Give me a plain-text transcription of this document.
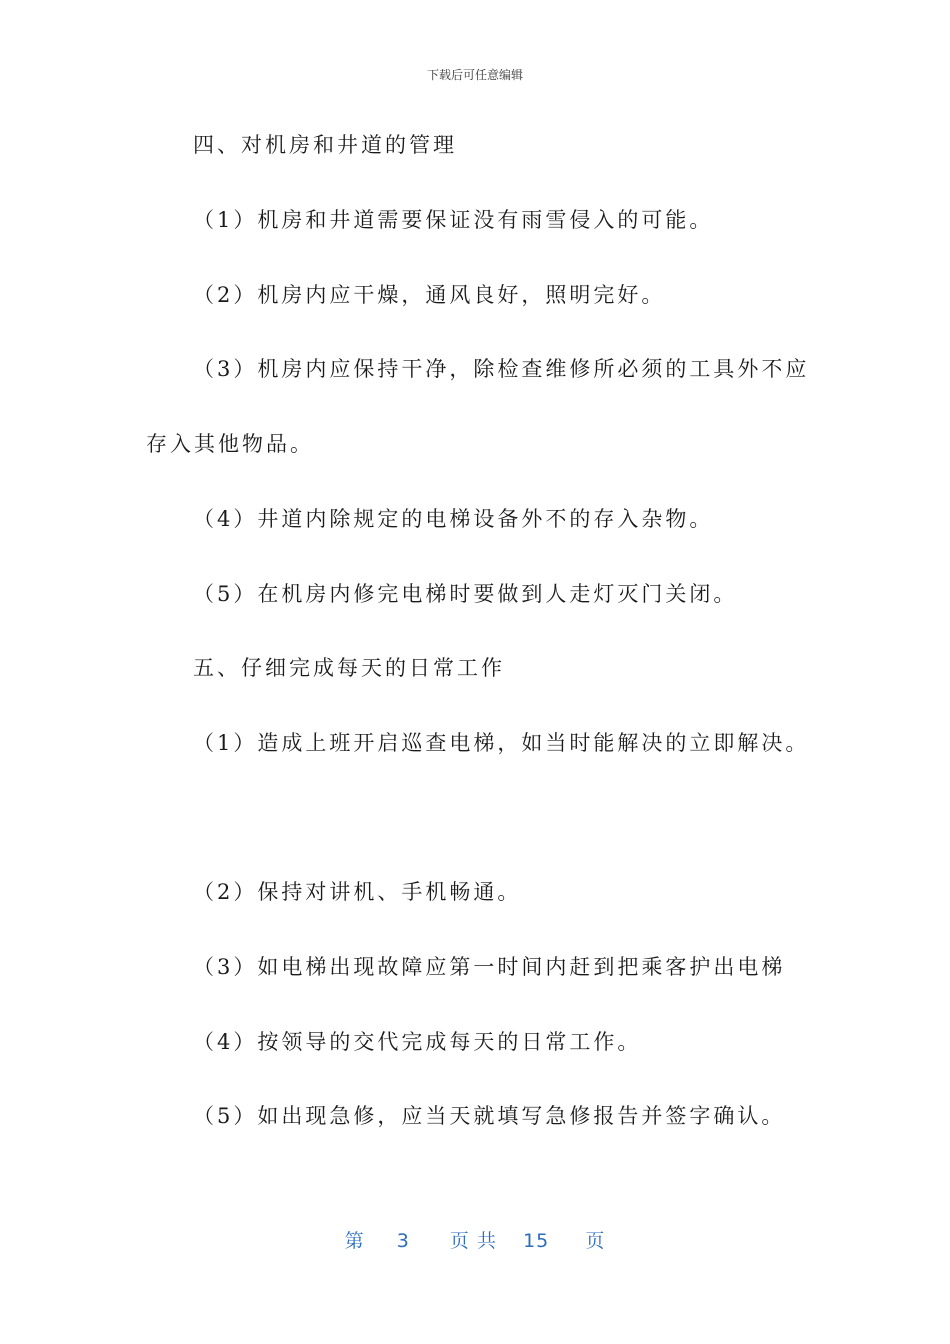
下载后可任意编辑
四、对机房和井道的管理
（1）机房和井道需要保证没有雨雪侵入的可能。
（2）机房内应干燥，通风良好，照明完好。
（3）机房内应保持干净，除检查维修所必须的工具外不应
存入其他物品。
（4）井道内除规定的电梯设备外不的存入杂物。
（5）在机房内修完电梯时要做到人走灯灭门关闭。
五、仔细完成每天的日常工作
（1）造成上班开启巡查电梯，如当时能解决的立即解决。
（2）保持对讲机、手机畅通。
（3）如电梯出现故障应第一时间内赶到把乘客护出电梯
（4）按领导的交代完成每天的日常工作。
（5）如出现急修，应当天就填写急修报告并签字确认。
第 3 页 共 15 页
